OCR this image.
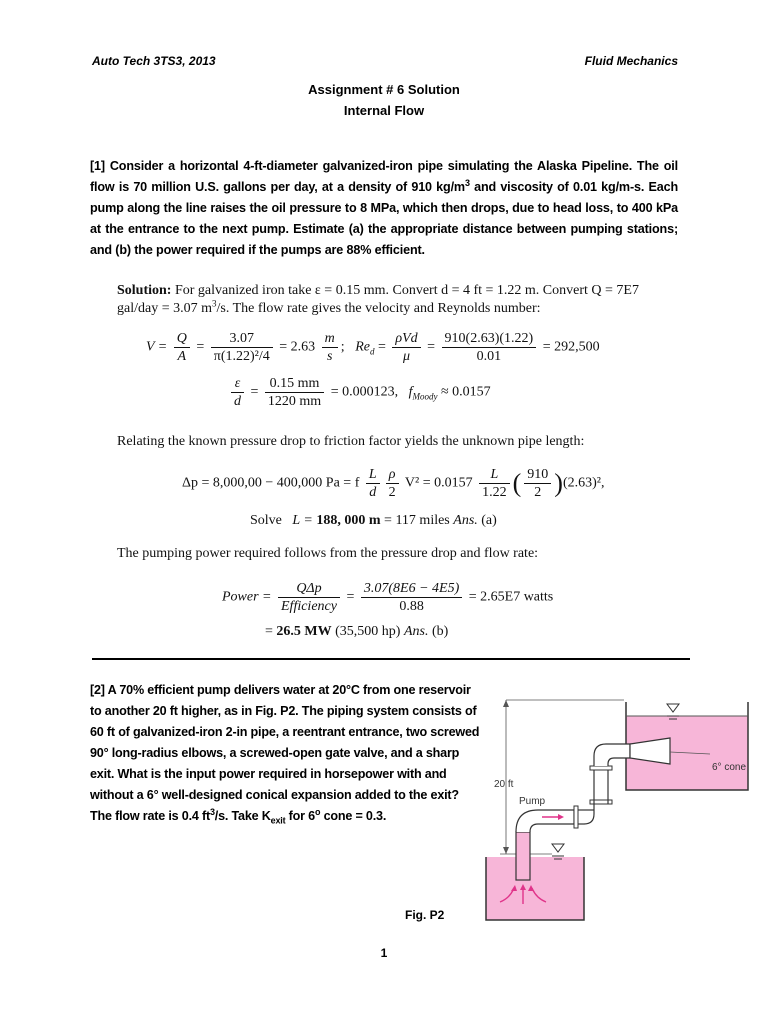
Auto Tech 3TS3, 2013	Fluid Mechanics
Assignment # 6 Solution
Internal Flow
[1] Consider a horizontal 4-ft-diameter galvanized-iron pipe simulating the Alaska Pipeline. The oil flow is 70 million U.S. gallons per day, at a density of 910 $kg/m^3$ and viscosity of 0.01 kg/m-s. Each pump along the line raises the oil pressure to 8 MPa, which then drops, due to head loss, to 400 kPa at the entrance to the next pump. Estimate (a) the appropriate distance between pumping stations; and (b) the power required if the pumps are 88% efficient.
Solution: For galvanized iron take ε = 0.15 mm. Convert d = 4 ft = 1.22 m. Convert Q = 7E7 gal/day = 3.07 $m^3/s$. The flow rate gives the velocity and Reynolds number:
$V = \frac{Q}{A} = \frac{3.07}{\text{π(1.22)²/4}} = 2.63 \frac{m}{s}$ ;   $Re_d = \frac{\text{ρVd}}{\mu} = \frac{910(2.63)(1.22)}{0.01} = 292,500$
$\frac{\varepsilon}{d} = \frac{0.15 mm}{1220 mm} = 0.000123$, $f_{Moody} \approx 0.0157$
Relating the known pressure drop to friction factor yields the unknown pipe length:
Δp = 8,000,00 − 400,000 Pa = f $\frac{L}{d} \frac{\rho}{2} V^2 = 0.0157 \frac{L}{1.22}$ ( $\frac{910}{2} )(2.63)^2$,
Solve L = 188, 000 m = 117 miles Ans. (a)
The pumping power required follows from the pressure drop and flow rate:
Power = $\frac{\text{QΔp}}{\text{Efficiency}} = \frac{3.07(8E6 - 4E5)}{0.88} = 2.65E7$ watts
= 26.5 MW (35,500 hp) Ans. (b)
[2] A 70% efficient pump delivers water at 20°C from one reservoir to another 20 ft higher, as in Fig. P2. The piping system consists of 60 ft of galvanized-iron 2-in pipe, a reentrant entrance, two screwed 90° long-radius elbows, a screwed-open gate valve, and a sharp exit. What is the input power required in horsepower with and without a 6° well-designed conical expansion added to the exit? The flow rate is 0.4 $ft^3/s$. Take $K_{exit}$ for 6$^o$ cone = 0.3.
20 ft
Pump
6° cone
Fig. P2
1
